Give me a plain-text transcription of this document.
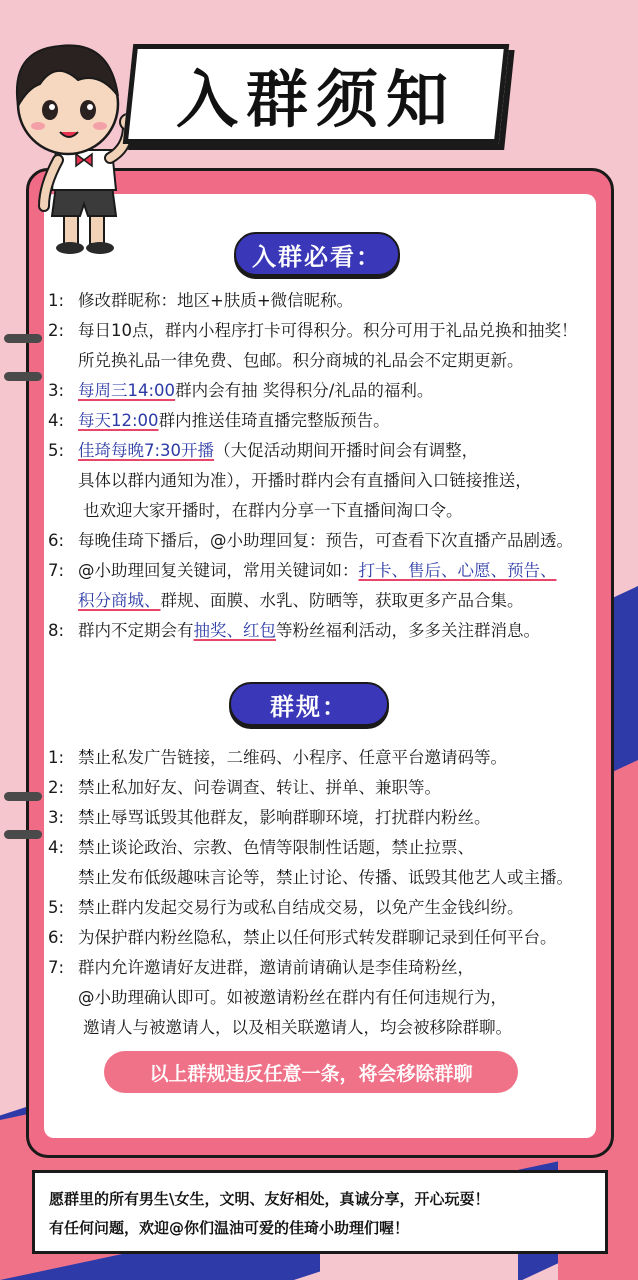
入群须知
入群必看：
1: 修改群昵称：地区+肤质+微信昵称。
2: 每日10点，群内小程序打卡可得积分。积分可用于礼品兑换和抽奖！
所兑换礼品一律免费、包邮。积分商城的礼品会不定期更新。
3: 每周三14:00群内会有抽 奖得积分/礼品的福利。
4: 每天12:00群内推送佳琦直播完整版预告。
5: 佳琦每晚7:30开播（大促活动期间开播时间会有调整，
具体以群内通知为准），开播时群内会有直播间入口链接推送，
也欢迎大家开播时，在群内分享一下直播间淘口令。
6: 每晚佳琦下播后，@小助理回复：预告，可查看下次直播产品剧透。
7: @小助理回复关键词，常用关键词如：打卡、售后、心愿、预告、
积分商城、群规、面膜、水乳、防晒等，获取更多产品合集。
8: 群内不定期会有抽奖、红包等粉丝福利活动，多多关注群消息。
群规：
1: 禁止私发广告链接，二维码、小程序、任意平台邀请码等。
2: 禁止私加好友、问卷调查、转让、拼单、兼职等。
3: 禁止辱骂诋毁其他群友，影响群聊环境，打扰群内粉丝。
4: 禁止谈论政治、宗教、色情等限制性话题，禁止拉票、
禁止发布低级趣味言论等，禁止讨论、传播、诋毁其他艺人或主播。
5: 禁止群内发起交易行为或私自结成交易，以免产生金钱纠纷。
6: 为保护群内粉丝隐私，禁止以任何形式转发群聊记录到任何平台。
7: 群内允许邀请好友进群，邀请前请确认是李佳琦粉丝，
@小助理确认即可。如被邀请粉丝在群内有任何违规行为，
邀请人与被邀请人，以及相关联邀请人，均会被移除群聊。
以上群规违反任意一条，将会移除群聊
愿群里的所有男生\女生，文明、友好相处，真诚分享，开心玩耍！
有任何问题，欢迎@你们温油可爱的佳琦小助理们喔！
